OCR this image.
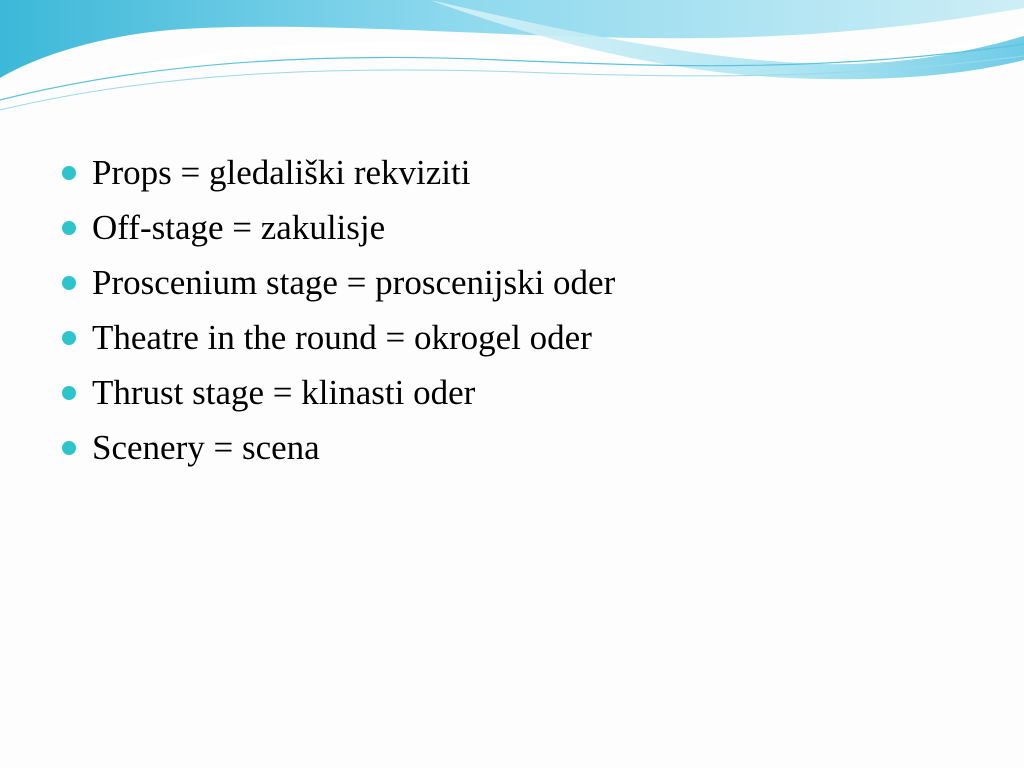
Props = gledališki rekviziti
Off-stage = zakulisje
Proscenium stage = proscenijski oder
Theatre in the round = okrogel oder
Thrust stage = klinasti oder
Scenery = scena
